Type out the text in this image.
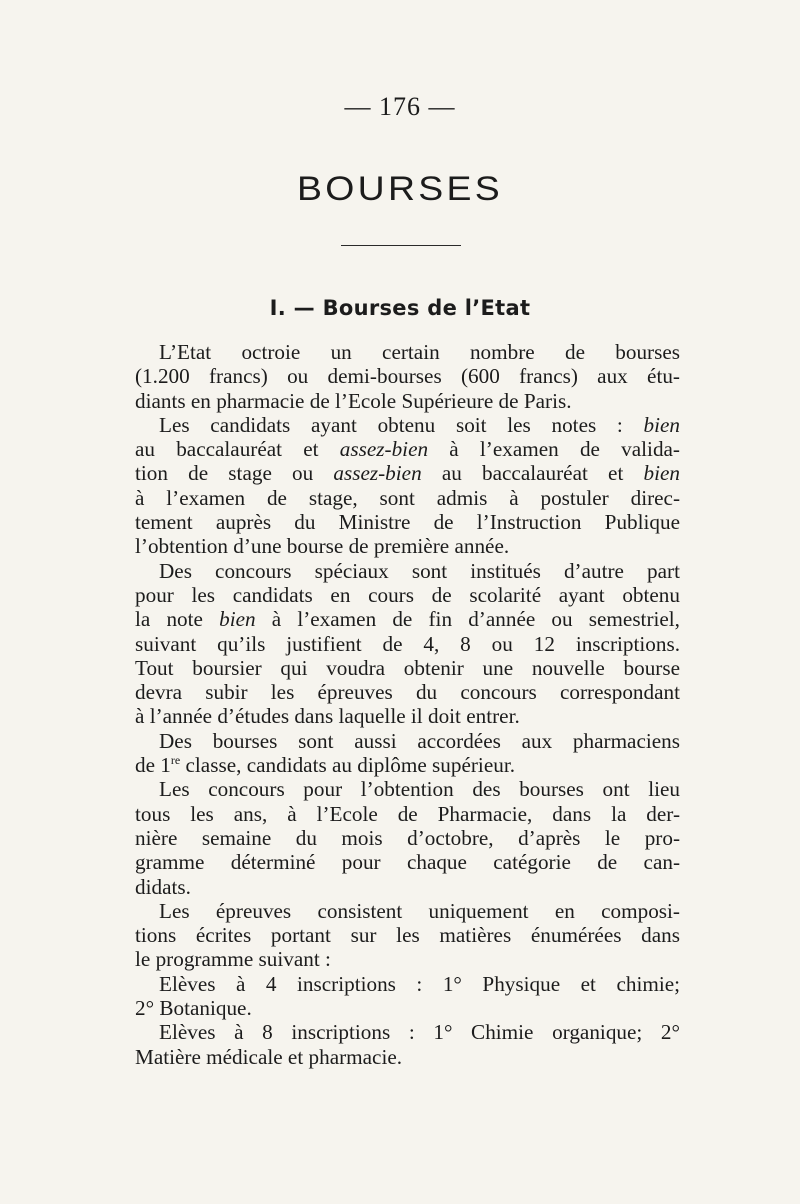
— 176 —
BOURSES
I. — Bourses de l’Etat
L’Etat octroie un certain nombre de bourses
(1.200 francs) ou demi-bourses (600 francs) aux étu-
diants en pharmacie de l’Ecole Supérieure de Paris.
Les candidats ayant obtenu soit les notes : bien
au baccalauréat et assez-bien à l’examen de valida-
tion de stage ou assez-bien au baccalauréat et bien
à l’examen de stage, sont admis à postuler direc-
tement auprès du Ministre de l’Instruction Publique
l’obtention d’une bourse de première année.
Des concours spéciaux sont institués d’autre part
pour les candidats en cours de scolarité ayant obtenu
la note bien à l’examen de fin d’année ou semestriel,
suivant qu’ils justifient de 4, 8 ou 12 inscriptions.
Tout boursier qui voudra obtenir une nouvelle bourse
devra subir les épreuves du concours correspondant
à l’année d’études dans laquelle il doit entrer.
Des bourses sont aussi accordées aux pharmaciens
de 1re classe, candidats au diplôme supérieur.
Les concours pour l’obtention des bourses ont lieu
tous les ans, à l’Ecole de Pharmacie, dans la der-
nière semaine du mois d’octobre, d’après le pro-
gramme déterminé pour chaque catégorie de can-
didats.
Les épreuves consistent uniquement en composi-
tions écrites portant sur les matières énumérées dans
le programme suivant :
Elèves à 4 inscriptions : 1° Physique et chimie;
2° Botanique.
Elèves à 8 inscriptions : 1° Chimie organique; 2°
Matière médicale et pharmacie.
